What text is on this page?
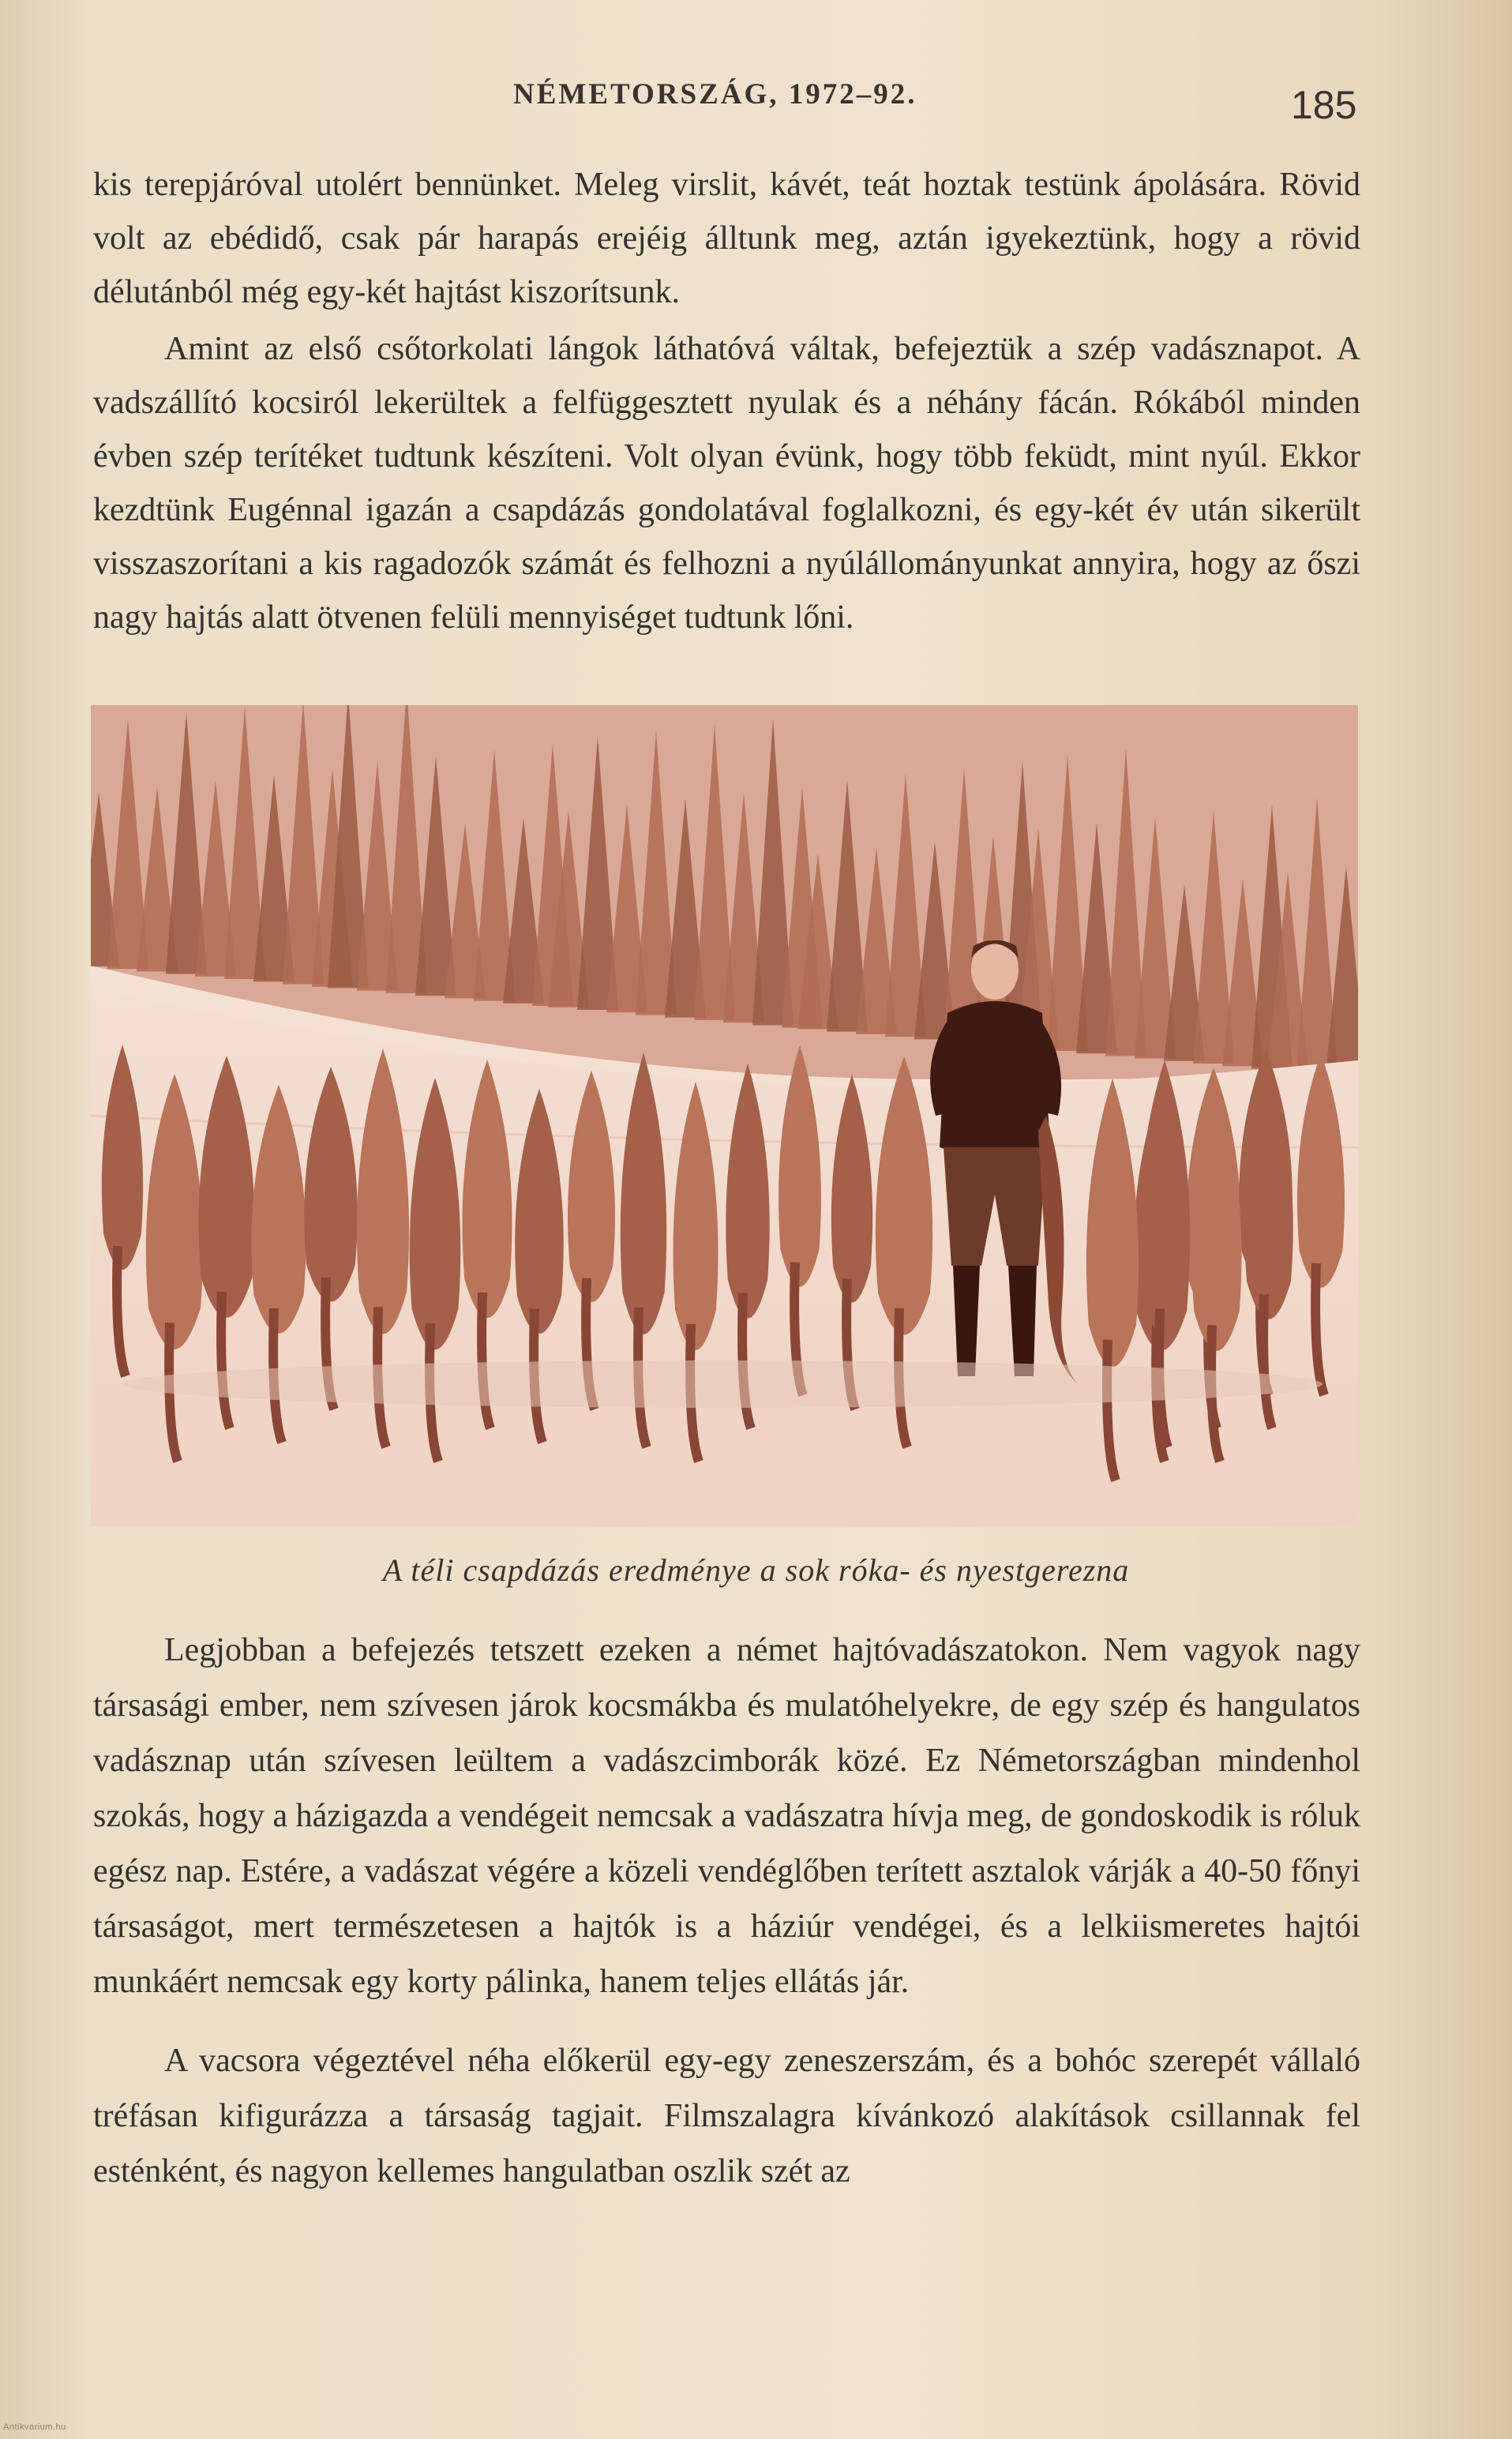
NÉMETORSZÁG, 1972–92.	185

kis terepjáróval utolért bennünket. Meleg virslit, kávét, teát hoztak testünk ápolására. Rövid volt az ebédidő, csak pár harapás erejéig álltunk meg, aztán igyekeztünk, hogy a rövid délutánból még egy-két hajtást kiszorítsunk.

Amint az első csőtorkolati lángok láthatóvá váltak, befejeztük a szép vadásznapot. A vadszállító kocsiról lekerültek a felfüggesztett nyulak és a néhány fácán. Rókából minden évben szép terítéket tudtunk készíteni. Volt olyan évünk, hogy több feküdt, mint nyúl. Ekkor kezdtünk Eugénnal igazán a csapdázás gondolatával foglalkozni, és egy-két év után sikerült visszaszorítani a kis ragadozók számát és felhozni a nyúlállományunkat annyira, hogy az őszi nagy hajtás alatt ötvenen felüli mennyiséget tudtunk lőni.

A téli csapdázás eredménye a sok róka- és nyestgerezna

Legjobban a befejezés tetszett ezeken a német hajtóvadászatokon. Nem vagyok nagy társasági ember, nem szívesen járok kocsmákba és mulatóhelyekre, de egy szép és hangulatos vadásznap után szívesen leültem a vadászcimborák közé. Ez Németországban mindenhol szokás, hogy a házigazda a vendégeit nemcsak a vadászatra hívja meg, de gondoskodik is róluk egész nap. Estére, a vadászat végére a közeli vendéglőben terített asztalok várják a 40-50 főnyi társaságot, mert természetesen a hajtók is a háziúr vendégei, és a lelkiismeretes hajtói munkáért nemcsak egy korty pálinka, hanem teljes ellátás jár.

A vacsora végeztével néha előkerül egy-egy zeneszerszám, és a bohóc szerepét vállaló tréfásan kifigurázza a társaság tagjait. Filmszalagra kívánkozó alakítások csillannak fel esténként, és nagyon kellemes hangulatban oszlik szét az

Antikvarium.hu
